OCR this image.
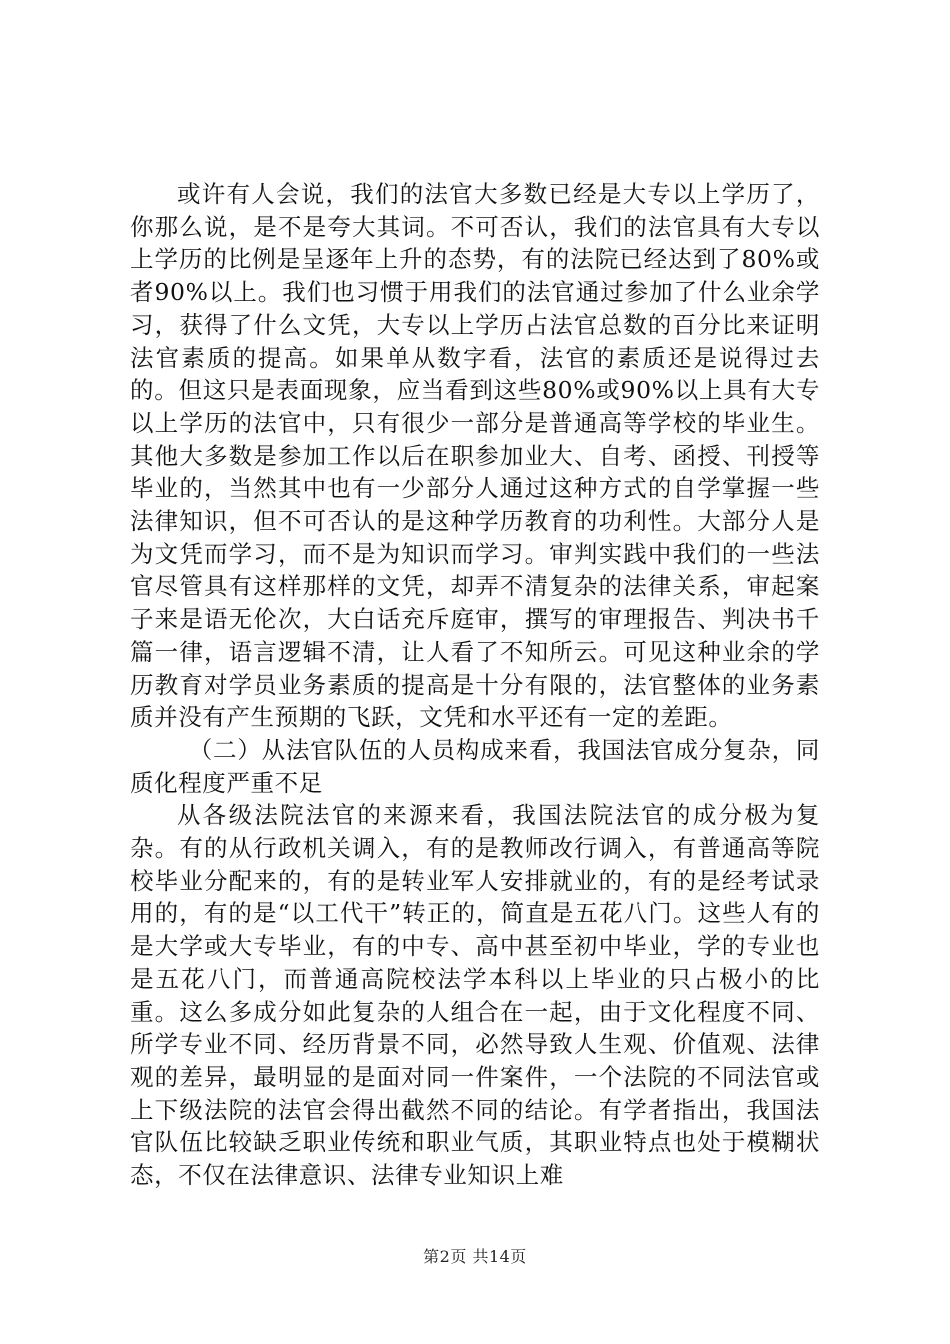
或许有人会说，我们的法官大多数已经是大专以上学历了，你那么说，是不是夸大其词。不可否认，我们的法官具有大专以上学历的比例是呈逐年上升的态势，有的法院已经达到了80%或者90%以上。我们也习惯于用我们的法官通过参加了什么业余学习，获得了什么文凭，大专以上学历占法官总数的百分比来证明法官素质的提高。如果单从数字看，法官的素质还是说得过去的。但这只是表面现象，应当看到这些80%或90%以上具有大专以上学历的法官中，只有很少一部分是普通高等学校的毕业生。其他大多数是参加工作以后在职参加业大、自考、函授、刊授等毕业的，当然其中也有一少部分人通过这种方式的自学掌握一些法律知识，但不可否认的是这种学历教育的功利性。大部分人是为文凭而学习，而不是为知识而学习。审判实践中我们的一些法官尽管具有这样那样的文凭，却弄不清复杂的法律关系，审起案子来是语无伦次，大白话充斥庭审，撰写的审理报告、判决书千篇一律，语言逻辑不清，让人看了不知所云。可见这种业余的学历教育对学员业务素质的提高是十分有限的，法官整体的业务素质并没有产生预期的飞跃，文凭和水平还有一定的差距。

（二）从法官队伍的人员构成来看，我国法官成分复杂，同质化程度严重不足

从各级法院法官的来源来看，我国法院法官的成分极为复杂。有的从行政机关调入，有的是教师改行调入，有普通高等院校毕业分配来的，有的是转业军人安排就业的，有的是经考试录用的，有的是“以工代干”转正的，简直是五花八门。这些人有的是大学或大专毕业，有的中专、高中甚至初中毕业，学的专业也是五花八门，而普通高院校法学本科以上毕业的只占极小的比重。这么多成分如此复杂的人组合在一起，由于文化程度不同、所学专业不同、经历背景不同，必然导致人生观、价值观、法律观的差异，最明显的是面对同一件案件，一个法院的不同法官或上下级法院的法官会得出截然不同的结论。有学者指出，我国法官队伍比较缺乏职业传统和职业气质，其职业特点也处于模糊状态，不仅在法律意识、法律专业知识上难

第2页 共14页
